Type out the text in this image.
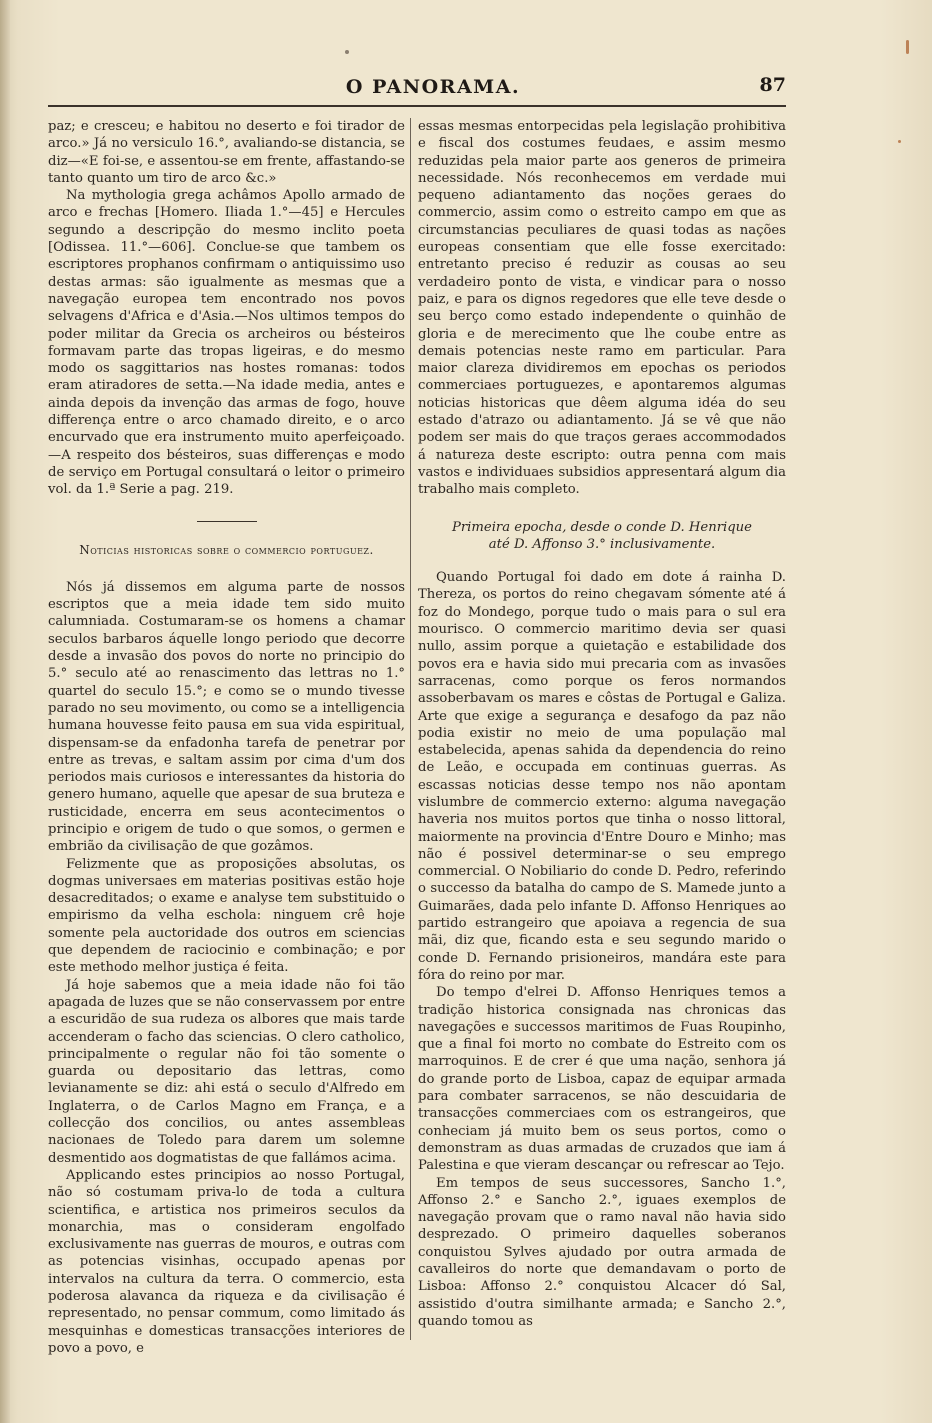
O PANORAMA.	87

paz; e cresceu; e habitou no deserto e foi tirador de arco.» Já no versiculo 16.°, avaliando-se distancia, se diz—«E foi-se, e assentou-se em frente, affastando-se tanto quanto um tiro de arco &c.»

Na mythologia grega achâmos Apollo armado de arco e frechas [Homero. Iliada 1.°—45] e Hercules segundo a descripção do mesmo inclito poeta [Odissea. 11.°—606]. Conclue-se que tambem os escriptores prophanos confirmam o antiquissimo uso destas armas: são igualmente as mesmas que a navegação europea tem encontrado nos povos selvagens d'Africa e d'Asia.—Nos ultimos tempos do poder militar da Grecia os archeiros ou bésteiros formavam parte das tropas ligeiras, e do mesmo modo os saggittarios nas hostes romanas: todos eram atiradores de setta.—Na idade media, antes e ainda depois da invenção das armas de fogo, houve differença entre o arco chamado direito, e o arco encurvado que era instrumento muito aperfeiçoado.—A respeito dos bésteiros, suas differenças e modo de serviço em Portugal consultará o leitor o primeiro vol. da 1.ª Serie a pag. 219.

Noticias historicas sobre o commercio portuguez.

Nós já dissemos em alguma parte de nossos escriptos que a meia idade tem sido muito calumniada. Costumaram-se os homens a chamar seculos barbaros áquelle longo periodo que decorre desde a invasão dos povos do norte no principio do 5.° seculo até ao renascimento das lettras no 1.° quartel do seculo 15.°; e como se o mundo tivesse parado no seu movimento, ou como se a intelligencia humana houvesse feito pausa em sua vida espiritual, dispensam-se da enfadonha tarefa de penetrar por entre as trevas, e saltam assim por cima d'um dos periodos mais curiosos e interessantes da historia do genero humano, aquelle que apesar de sua bruteza e rusticidade, encerra em seus acontecimentos o principio e origem de tudo o que somos, o germen e embrião da civilisação de que gozâmos.

Felizmente que as proposições absolutas, os dogmas universaes em materias positivas estão hoje desacreditados; o exame e analyse tem substituido o empirismo da velha eschola: ninguem crê hoje somente pela auctoridade dos outros em sciencias que dependem de raciocinio e combinação; e por este methodo melhor justiça é feita.

Já hoje sabemos que a meia idade não foi tão apagada de luzes que se não conservassem por entre a escuridão de sua rudeza os albores que mais tarde accenderam o facho das sciencias. O clero catholico, principalmente o regular não foi tão somente o guarda ou depositario das lettras, como levianamente se diz: ahi está o seculo d'Alfredo em Inglaterra, o de Carlos Magno em França, e a collecção dos concilios, ou antes assembleas nacionaes de Toledo para darem um solemne desmentido aos dogmatistas de que fallámos acima.

Applicando estes principios ao nosso Portugal, não só costumam priva-lo de toda a cultura scientifica, e artistica nos primeiros seculos da monarchia, mas o consideram engolfado exclusivamente nas guerras de mouros, e outras com as potencias visinhas, occupado apenas por intervalos na cultura da terra. O commercio, esta poderosa alavanca da riqueza e da civilisação é representado, no pensar commum, como limitado ás mesquinhas e domesticas transacções interiores de povo a povo, e

essas mesmas entorpecidas pela legislação prohibitiva e fiscal dos costumes feudaes, e assim mesmo reduzidas pela maior parte aos generos de primeira necessidade. Nós reconhecemos em verdade mui pequeno adiantamento das noções geraes do commercio, assim como o estreito campo em que as circumstancias peculiares de quasi todas as nações europeas consentiam que elle fosse exercitado: entretanto preciso é reduzir as cousas ao seu verdadeiro ponto de vista, e vindicar para o nosso paiz, e para os dignos regedores que elle teve desde o seu berço como estado independente o quinhão de gloria e de merecimento que lhe coube entre as demais potencias neste ramo em particular. Para maior clareza dividiremos em epochas os periodos commerciaes portuguezes, e apontaremos algumas noticias historicas que dêem alguma idéa do seu estado d'atrazo ou adiantamento. Já se vê que não podem ser mais do que traços geraes accommodados á natureza deste escripto: outra penna com mais vastos e individuaes subsidios appresentará algum dia trabalho mais completo.

Primeira epocha, desde o conde D. Henrique
até D. Affonso 3.° inclusivamente.

Quando Portugal foi dado em dote á rainha D. Thereza, os portos do reino chegavam sómente até á foz do Mondego, porque tudo o mais para o sul era mourisco. O commercio maritimo devia ser quasi nullo, assim porque a quietação e estabilidade dos povos era e havia sido mui precaria com as invasões sarracenas, como porque os feros normandos assoberbavam os mares e côstas de Portugal e Galiza. Arte que exige a segurança e desafogo da paz não podia existir no meio de uma população mal estabelecida, apenas sahida da dependencia do reino de Leão, e occupada em continuas guerras. As escassas noticias desse tempo nos não apontam vislumbre de commercio externo: alguma navegação haveria nos muitos portos que tinha o nosso littoral, maiormente na provincia d'Entre Douro e Minho; mas não é possivel determinar-se o seu emprego commercial. O Nobiliario do conde D. Pedro, referindo o successo da batalha do campo de S. Mamede junto a Guimarães, dada pelo infante D. Affonso Henriques ao partido estrangeiro que apoiava a regencia de sua mãi, diz que, ficando esta e seu segundo marido o conde D. Fernando prisioneiros, mandára este para fóra do reino por mar.

Do tempo d'elrei D. Affonso Henriques temos a tradição historica consignada nas chronicas das navegações e successos maritimos de Fuas Roupinho, que a final foi morto no combate do Estreito com os marroquinos. E de crer é que uma nação, senhora já do grande porto de Lisboa, capaz de equipar armada para combater sarracenos, se não descuidaria de transacções commerciaes com os estrangeiros, que conheciam já muito bem os seus portos, como o demonstram as duas armadas de cruzados que iam á Palestina e que vieram descançar ou refrescar ao Tejo.

Em tempos de seus successores, Sancho 1.°, Affonso 2.° e Sancho 2.°, iguaes exemplos de navegação provam que o ramo naval não havia sido desprezado. O primeiro daquelles soberanos conquistou Sylves ajudado por outra armada de cavalleiros do norte que demandavam o porto de Lisboa: Affonso 2.° conquistou Alcacer dó Sal, assistido d'outra similhante armada; e Sancho 2.°, quando tomou as
